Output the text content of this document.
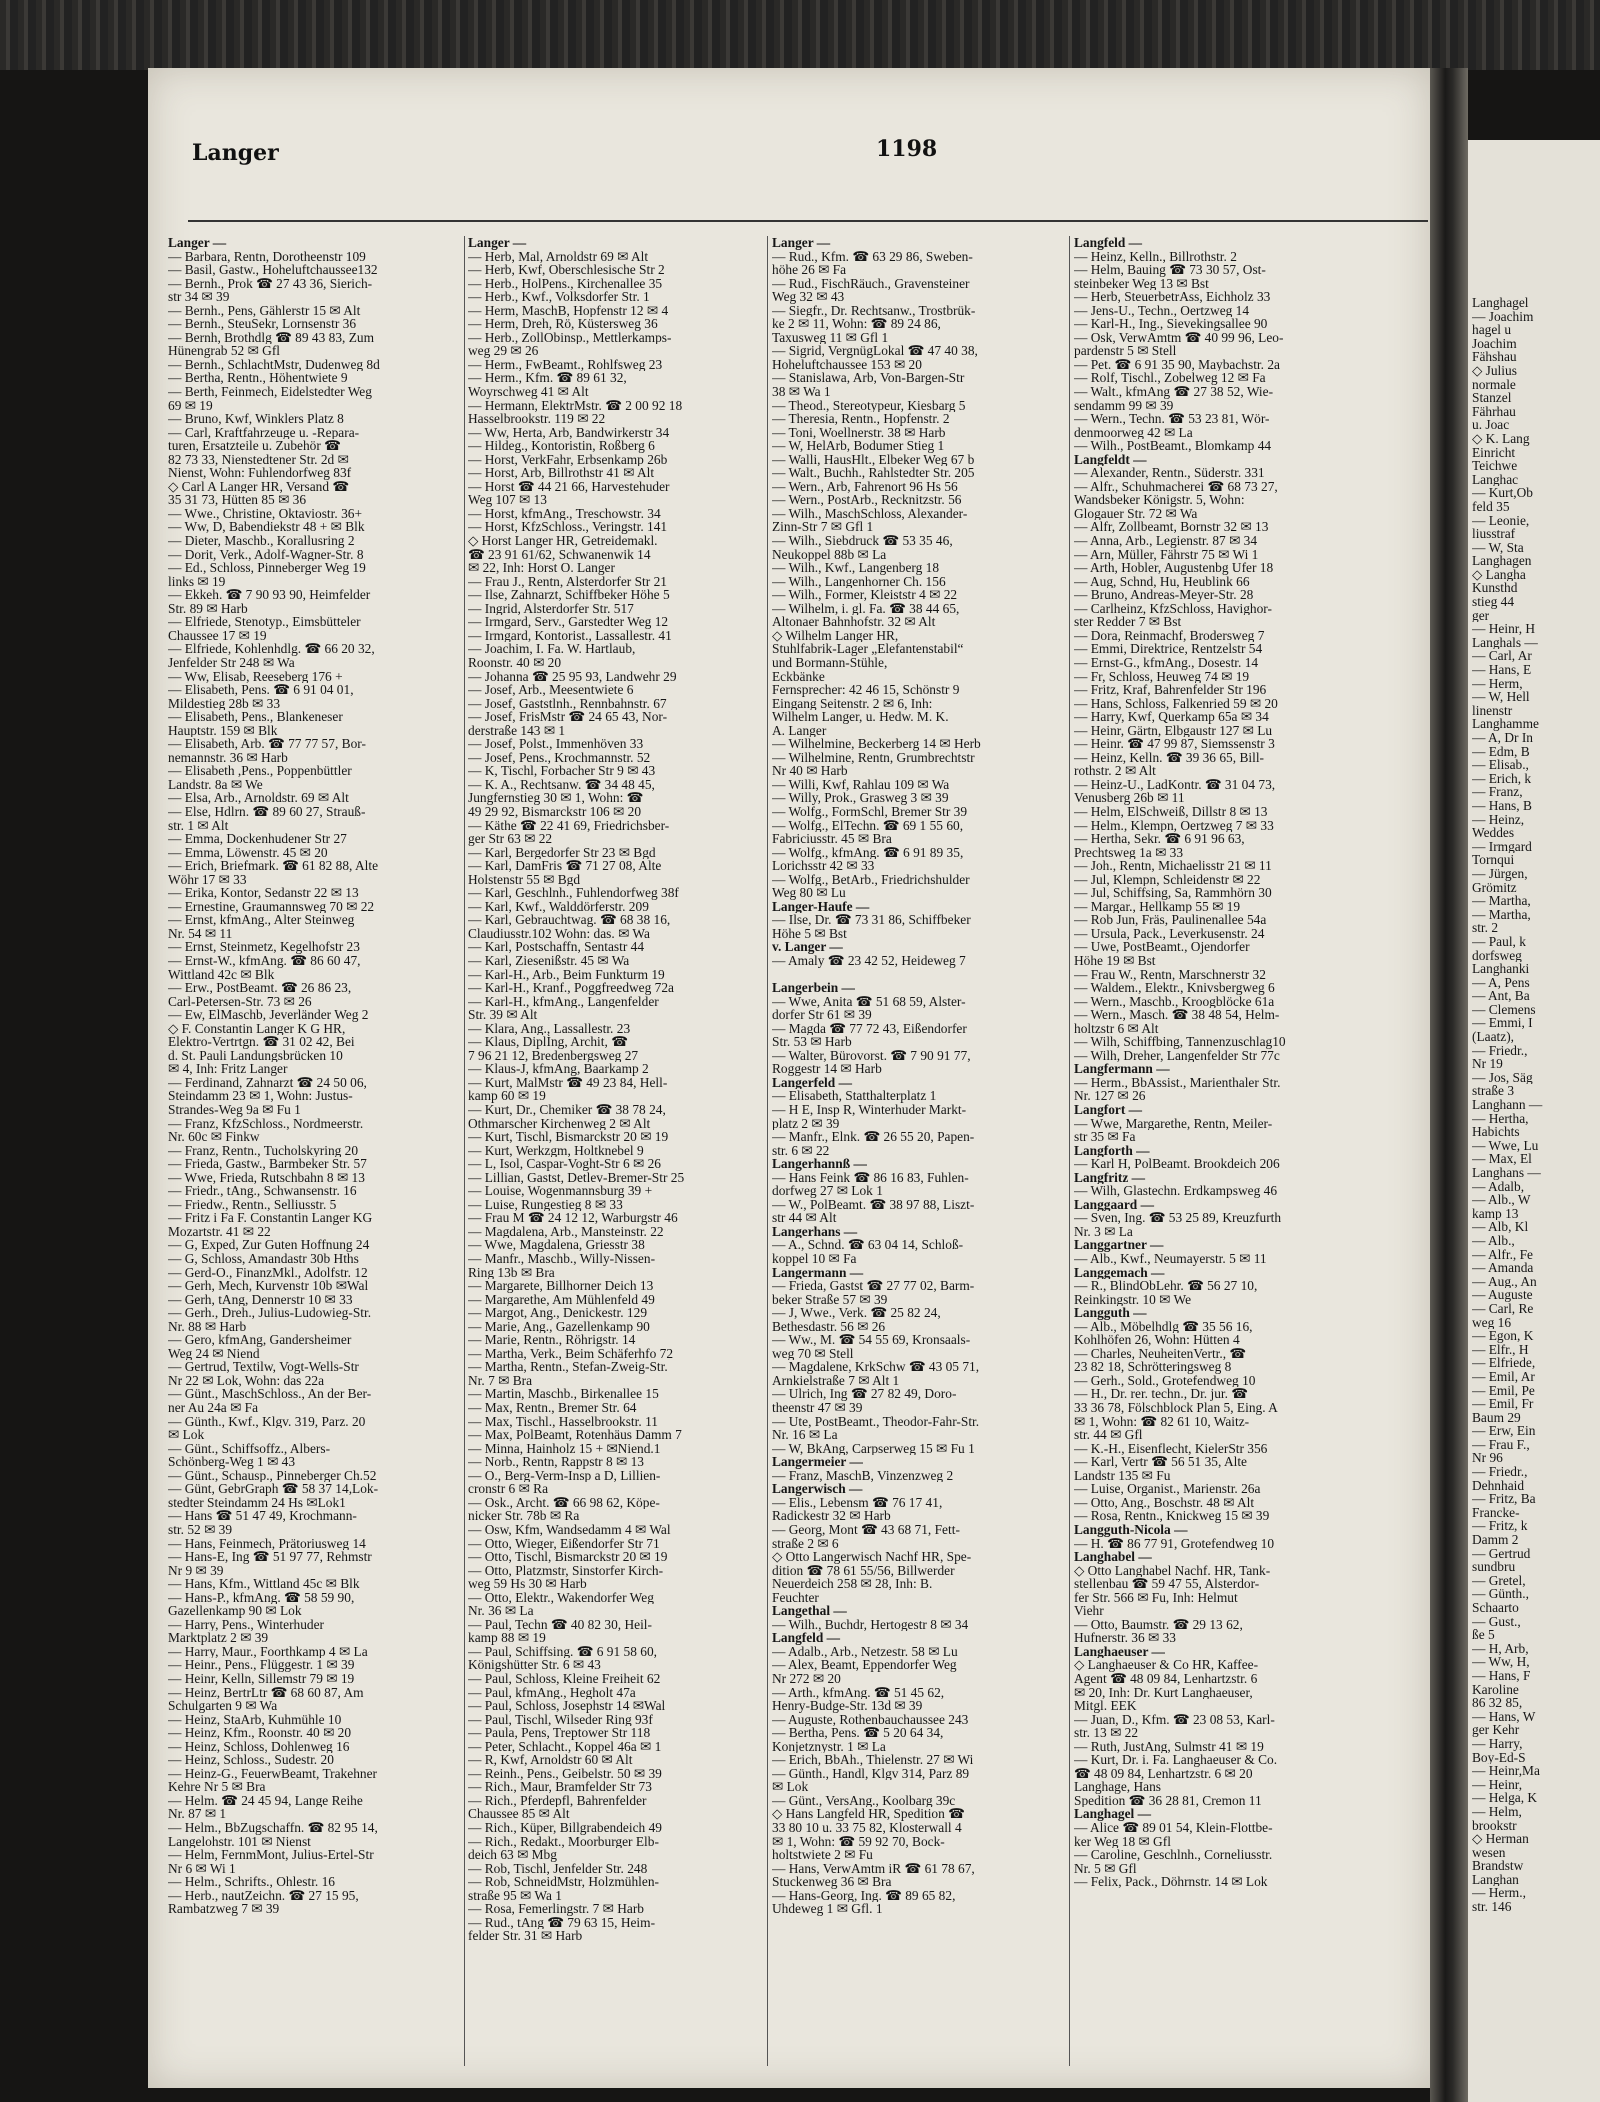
Langer	1198
Langer —
— Barbara, Rentn, Dorotheenstr 109
— Basil, Gastw., Hoheluftchaussee132
— Bernh., Prok ☎ 27 43 36, Sierich-
str 34 ✉ 39
— Bernh., Pens, Gählerstr 15 ✉ Alt
— Bernh., SteuSekr, Lornsenstr 36
— Bernh, Brothdlg ☎ 89 43 83, Zum
Hünengrab 52 ✉ Gfl
— Bernh., SchlachtMstr, Dudenweg 8d
— Bertha, Rentn., Höhentwiete 9
— Berth, Feinmech, Eidelstedter Weg
69 ✉ 19
— Bruno, Kwf, Winklers Platz 8
— Carl, Kraftfahrzeuge u. -Repara-
turen, Ersatzteile u. Zubehör ☎
82 73 33, Nienstedtener Str. 2d ✉
Nienst, Wohn: Fuhlendorfweg 83f
◇ Carl A Langer HR, Versand ☎
35 31 73, Hütten 85 ✉ 36
— Wwe., Christine, Oktaviostr. 36+
— Ww, D, Babendiekstr 48 + ✉ Blk
— Dieter, Maschb., Korallusring 2
— Dorit, Verk., Adolf-Wagner-Str. 8
— Ed., Schloss, Pinneberger Weg 19
links ✉ 19
— Ekkeh. ☎ 7 90 93 90, Heimfelder
Str. 89 ✉ Harb
— Elfriede, Stenotyp., Eimsbütteler
Chaussee 17 ✉ 19
— Elfriede, Kohlenhdlg. ☎ 66 20 32,
Jenfelder Str 248 ✉ Wa
— Ww, Elisab, Reeseberg 176 +
— Elisabeth, Pens. ☎ 6 91 04 01,
Mildestieg 28b ✉ 33
— Elisabeth, Pens., Blankeneser
Hauptstr. 159 ✉ Blk
— Elisabeth, Arb. ☎ 77 77 57, Bor-
nemannstr. 36 ✉ Harb
— Elisabeth ,Pens., Poppenbüttler
Landstr. 8a ✉ We
— Elsa, Arb., Arnoldstr. 69 ✉ Alt
— Else, Hdlrn. ☎ 89 60 27, Strauß-
str. 1 ✉ Alt
— Emma, Dockenhudener Str 27
— Emma, Löwenstr. 45 ✉ 20
— Erich, Briefmark. ☎ 61 82 88, Alte
Wöhr 17 ✉ 33
— Erika, Kontor, Sedanstr 22 ✉ 13
— Ernestine, Graumannsweg 70 ✉ 22
— Ernst, kfmAng., Alter Steinweg
Nr. 54 ✉ 11
— Ernst, Steinmetz, Kegelhofstr 23
— Ernst-W., kfmAng. ☎ 86 60 47,
Wittland 42c ✉ Blk
— Erw., PostBeamt. ☎ 26 86 23,
Carl-Petersen-Str. 73 ✉ 26
— Ew, ElMaschb, Jeverländer Weg 2
◇ F. Constantin Langer K G HR,
Elektro-Vertrtgn. ☎ 31 02 42, Bei
d. St. Pauli Landungsbrücken 10
✉ 4, Inh: Fritz Langer
— Ferdinand, Zahnarzt ☎ 24 50 06,
Steindamm 23 ✉ 1, Wohn: Justus-
Strandes-Weg 9a ✉ Fu 1
— Franz, KfzSchloss., Nordmeerstr.
Nr. 60c ✉ Finkw
— Franz, Rentn., Tucholskyring 20
— Frieda, Gastw., Barmbeker Str. 57
— Wwe, Frieda, Rutschbahn 8 ✉ 13
— Friedr., tAng., Schwansenstr. 16
— Friedw., Rentn., Selliusstr. 5
— Fritz i Fa F. Constantin Langer KG
Mozartstr. 41 ✉ 22
— G, Exped, Zur Guten Hoffnung 24
— G, Schloss, Amandastr 30b Hths
— Gerd-O., FinanzMkl., Adolfstr. 12
— Gerh, Mech, Kurvenstr 10b ✉Wal
— Gerh, tAng, Dennerstr 10 ✉ 33
— Gerh., Dreh., Julius-Ludowieg-Str.
Nr. 88 ✉ Harb
— Gero, kfmAng, Gandersheimer
Weg 24 ✉ Niend
— Gertrud, Textilw, Vogt-Wells-Str
Nr 22 ✉ Lok, Wohn: das 22a
— Günt., MaschSchloss., An der Ber-
ner Au 24a ✉ Fa
— Günth., Kwf., Klgv. 319, Parz. 20
✉ Lok
— Günt., Schiffsoffz., Albers-
Schönberg-Weg 1 ✉ 43
— Günt., Schausp., Pinneberger Ch.52
— Günt, GebrGraph ☎ 58 37 14,Lok-
stedter Steindamm 24 Hs ✉Lok1
— Hans ☎ 51 47 49, Krochmann-
str. 52 ✉ 39
— Hans, Feinmech, Prätoriusweg 14
— Hans-E, Ing ☎ 51 97 77, Rehmstr
Nr 9 ✉ 39
— Hans, Kfm., Wittland 45c ✉ Blk
— Hans-P., kfmAng. ☎ 58 59 90,
Gazellenkamp 90 ✉ Lok
— Harry, Pens., Winterhuder
Marktplatz 2 ✉ 39
— Harry, Maur., Foorthkamp 4 ✉ La
— Heinr., Pens., Flüggestr. 1 ✉ 39
— Heinr, Kelln, Sillemstr 79 ✉ 19
— Heinz, BertrLtr ☎ 68 60 87, Am
Schulgarten 9 ✉ Wa
— Heinz, StaArb, Kuhmühle 10
— Heinz, Kfm., Roonstr. 40 ✉ 20
— Heinz, Schloss, Dohlenweg 16
— Heinz, Schloss., Sudestr. 20
— Heinz-G., FeuerwBeamt, Trakehner
Kehre Nr 5 ✉ Bra
— Helm. ☎ 24 45 94, Lange Reihe
Nr. 87 ✉ 1
— Helm., BbZugschaffn. ☎ 82 95 14,
Langelohstr. 101 ✉ Nienst
— Helm, FernmMont, Julius-Ertel-Str
Nr 6 ✉ Wi 1
— Helm., Schrifts., Ohlestr. 16
— Herb., nautZeichn. ☎ 27 15 95,
Rambatzweg 7 ✉ 39
Langer —
— Herb, Mal, Arnoldstr 69 ✉ Alt
— Herb, Kwf, Oberschlesische Str 2
— Herb., HolPens., Kirchenallee 35
— Herb., Kwf., Volksdorfer Str. 1
— Herm, MaschB, Hopfenstr 12 ✉ 4
— Herm, Dreh, Rö, Küstersweg 36
— Herb., ZollObinsp., Mettlerkamps-
weg 29 ✉ 26
— Herm., FwBeamt., Rohlfsweg 23
— Herm., Kfm. ☎ 89 61 32,
Woyrschweg 41 ✉ Alt
— Hermann, ElektrMstr. ☎ 2 00 92 18
Hasselbrookstr. 119 ✉ 22
— Ww, Herta, Arb, Bandwirkerstr 34
— Hildeg., Kontoristin, Roßberg 6
— Horst, VerkFahr, Erbsenkamp 26b
— Horst, Arb, Billrothstr 41 ✉ Alt
— Horst ☎ 44 21 66, Harvestehuder
Weg 107 ✉ 13
— Horst, kfmAng., Treschowstr. 34
— Horst, KfzSchloss., Veringstr. 141
◇ Horst Langer HR, Getreidemakl.
☎ 23 91 61/62, Schwanenwik 14
✉ 22, Inh: Horst O. Langer
— Frau J., Rentn, Alsterdorfer Str 21
— Ilse, Zahnarzt, Schiffbeker Höhe 5
— Ingrid, Alsterdorfer Str. 517
— Irmgard, Serv., Garstedter Weg 12
— Irmgard, Kontorist., Lassallestr. 41
— Joachim, I. Fa. W. Hartlaub,
Roonstr. 40 ✉ 20
— Johanna ☎ 25 95 93, Landwehr 29
— Josef, Arb., Meesentwiete 6
— Josef, Gaststlnh., Rennbahnstr. 67
— Josef, FrisMstr ☎ 24 65 43, Nor-
derstraße 143 ✉ 1
— Josef, Polst., Immenhöven 33
— Josef, Pens., Krochmannstr. 52
— K, Tischl, Forbacher Str 9 ✉ 43
— K. A., Rechtsanw. ☎ 34 48 45,
Jungfernstieg 30 ✉ 1, Wohn: ☎
49 29 92, Bismarckstr 106 ✉ 20
— Käthe ☎ 22 41 69, Friedrichsber-
ger Str 63 ✉ 22
— Karl, Bergedorfer Str 23 ✉ Bgd
— Karl, DamFris ☎ 71 27 08, Alte
Holstenstr 55 ✉ Bgd
— Karl, Geschlnh., Fuhlendorfweg 38f
— Karl, Kwf., Walddörferstr. 209
— Karl, Gebrauchtwag. ☎ 68 38 16,
Claudiusstr.102 Wohn: das. ✉ Wa
— Karl, Postschaffn, Sentastr 44
— Karl, Ziesenißstr. 45 ✉ Wa
— Karl-H., Arb., Beim Funkturm 19
— Karl-H., Kranf., Poggfreedweg 72a
— Karl-H., kfmAng., Langenfelder
Str. 39 ✉ Alt
— Klara, Ang., Lassallestr. 23
— Klaus, Diplİng, Archit, ☎
7 96 21 12, Bredenbergsweg 27
— Klaus-J, kfmAng, Baarkamp 2
— Kurt, MalMstr ☎ 49 23 84, Hell-
kamp 60 ✉ 19
— Kurt, Dr., Chemiker ☎ 38 78 24,
Othmarscher Kirchenweg 2 ✉ Alt
— Kurt, Tischl, Bismarckstr 20 ✉ 19
— Kurt, Werkzgm, Holtknebel 9
— L, Isol, Caspar-Voght-Str 6 ✉ 26
— Lillian, Gastst, Detlev-Bremer-Str 25
— Louise, Wogenmannsburg 39 +
— Luise, Rungestieg 8 ✉ 33
— Frau M ☎ 24 12 12, Warburgstr 46
— Magdalena, Arb., Mansteinstr. 22
— Wwe, Magdalena, Griesstr 38
— Manfr., Maschb., Willy-Nissen-
Ring 13b ✉ Bra
— Margarete, Billhorner Deich 13
— Margarethe, Am Mühlenfeld 49
— Margot, Ang., Denickestr. 129
— Marie, Ang., Gazellenkamp 90
— Marie, Rentn., Röhrigstr. 14
— Martha, Verk., Beim Schäferhfo 72
— Martha, Rentn., Stefan-Zweig-Str.
Nr. 7 ✉ Bra
— Martin, Maschb., Birkenallee 15
— Max, Rentn., Bremer Str. 64
— Max, Tischl., Hasselbrookstr. 11
— Max, PolBeamt, Rotenhäus Damm 7
— Minna, Hainholz 15 + ✉Niend.1
— Norb., Rentn, Rappstr 8 ✉ 13
— O., Berg-Verm-Insp a D, Lillien-
cronstr 6 ✉ Ra
— Osk., Archt. ☎ 66 98 62, Köpe-
nicker Str. 78b ✉ Ra
— Osw, Kfm, Wandsedamm 4 ✉ Wal
— Otto, Wieger, Eißendorfer Str 71
— Otto, Tischl, Bismarckstr 20 ✉ 19
— Otto, Platzmstr, Sinstorfer Kirch-
weg 59 Hs 30 ✉ Harb
— Otto, Elektr., Wakendorfer Weg
Nr. 36 ✉ La
— Paul, Techn ☎ 40 82 30, Heil-
kamp 88 ✉ 19
— Paul, Schiffsing. ☎ 6 91 58 60,
Königshütter Str. 6 ✉ 43
— Paul, Schloss, Kleine Freiheit 62
— Paul, kfmAng., Hegholt 47a
— Paul, Schloss, Josephstr 14 ✉Wal
— Paul, Tischl, Wilseder Ring 93f
— Paula, Pens, Treptower Str 118
— Peter, Schlacht., Koppel 46a ✉ 1
— R, Kwf, Arnoldstr 60 ✉ Alt
— Reinh., Pens., Geibelstr. 50 ✉ 39
— Rich., Maur, Bramfelder Str 73
— Rich., Pferdepfl, Bahrenfelder
Chaussee 85 ✉ Alt
— Rich., Küper, Billgrabendeich 49
— Rich., Redakt., Moorburger Elb-
deich 63 ✉ Mbg
— Rob, Tischl, Jenfelder Str. 248
— Rob, SchneidMstr, Holzmühlen-
straße 95 ✉ Wa 1
— Rosa, Femerlingstr. 7 ✉ Harb
— Rud., tAng ☎ 79 63 15, Heim-
felder Str. 31 ✉ Harb
Langer —
— Rud., Kfm. ☎ 63 29 86, Sweben-
höhe 26 ✉ Fa
— Rud., FischRäuch., Gravensteiner
Weg 32 ✉ 43
— Siegfr., Dr. Rechtsanw., Trostbrük-
ke 2 ✉ 11, Wohn: ☎ 89 24 86,
Taxusweg 11 ✉ Gfl 1
— Sigrid, VergnügLokal ☎ 47 40 38,
Hoheluftchaussee 153 ✉ 20
— Stanislawa, Arb, Von-Bargen-Str
38 ✉ Wa 1
— Theod., Stereotypeur, Kiesbarg 5
— Theresia, Rentn., Hopfenstr. 2
— Toni, Woellnerstr. 38 ✉ Harb
— W, HelArb, Bodumer Stieg 1
— Walli, HausHlt., Elbeker Weg 67 b
— Walt., Buchh., Rahlstedter Str. 205
— Wern., Arb, Fahrenort 96 Hs 56
— Wern., PostArb., Recknitzstr. 56
— Wilh., MaschSchloss, Alexander-
Zinn-Str 7 ✉ Gfl 1
— Wilh., Siebdruck ☎ 53 35 46,
Neukoppel 88b ✉ La
— Wilh., Kwf., Langenberg 18
— Wilh., Langenhorner Ch. 156
— Wilh., Former, Kleiststr 4 ✉ 22
— Wilhelm, i. gl. Fa. ☎ 38 44 65,
Altonaer Bahnhofstr. 32 ✉ Alt
◇ Wilhelm Langer HR,
Stuhlfabrik-Lager „Elefantenstabil“
und Bormann-Stühle,
Eckbänke
Fernsprecher: 42 46 15, Schönstr 9
Eingang Seitenstr. 2 ✉ 6, Inh:
Wilhelm Langer, u. Hedw. M. K.
A. Langer
— Wilhelmine, Beckerberg 14 ✉ Herb
— Wilhelmine, Rentn, Grumbrechtstr
Nr 40 ✉ Harb
— Willi, Kwf, Rahlau 109 ✉ Wa
— Willy, Prok., Grasweg 3 ✉ 39
— Wolfg., FormSchl, Bremer Str 39
— Wolfg., ElTechn. ☎ 69 1 55 60,
Fabriciusstr. 45 ✉ Bra
— Wolfg., kfmAng. ☎ 6 91 89 35,
Lorichsstr 42 ✉ 33
— Wolfg., BetArb., Friedrichshulder
Weg 80 ✉ Lu
Langer-Haufe —
— Ilse, Dr. ☎ 73 31 86, Schiffbeker
Höhe 5 ✉ Bst
v. Langer —
— Amaly ☎ 23 42 52, Heideweg 7
Langerbein —
— Wwe, Anita ☎ 51 68 59, Alster-
dorfer Str 61 ✉ 39
— Magda ☎ 77 72 43, Eißendorfer
Str. 53 ✉ Harb
— Walter, Bürovorst. ☎ 7 90 91 77,
Roggestr 14 ✉ Harb
Langerfeld —
— Elisabeth, Statthalterplatz 1
— H E, Insp R, Winterhuder Markt-
platz 2 ✉ 39
— Manfr., Elnk. ☎ 26 55 20, Papen-
str. 6 ✉ 22
Langerhannß —
— Hans Feink ☎ 86 16 83, Fuhlen-
dorfweg 27 ✉ Lok 1
— W., PolBeamt. ☎ 38 97 88, Liszt-
str 44 ✉ Alt
Langerhans —
— A., Schnd. ☎ 63 04 14, Schloß-
koppel 10 ✉ Fa
Langermann —
— Frieda, Gastst ☎ 27 77 02, Barm-
beker Straße 57 ✉ 39
— J, Wwe., Verk. ☎ 25 82 24,
Bethesdastr. 56 ✉ 26
— Ww., M. ☎ 54 55 69, Kronsaals-
weg 70 ✉ Stell
— Magdalene, KrkSchw ☎ 43 05 71,
Arnkielstraße 7 ✉ Alt 1
— Ulrich, Ing ☎ 27 82 49, Doro-
theenstr 47 ✉ 39
— Ute, PostBeamt., Theodor-Fahr-Str.
Nr. 16 ✉ La
— W, BkAng, Carpserweg 15 ✉ Fu 1
Langermeier —
— Franz, MaschB, Vinzenzweg 2
Langerwisch —
— Elis., Lebensm ☎ 76 17 41,
Radickestr 32 ✉ Harb
— Georg, Mont ☎ 43 68 71, Fett-
straße 2 ✉ 6
◇ Otto Langerwisch Nachf HR, Spe-
dition ☎ 78 61 55/56, Billwerder
Neuerdeich 258 ✉ 28, Inh: B.
Feuchter
Langethal —
— Wilh., Buchdr, Hertogestr 8 ✉ 34
Langfeld —
— Adalb., Arb., Netzestr. 58 ✉ Lu
— Alex, Beamt, Eppendorfer Weg
Nr 272 ✉ 20
— Arth., kfmAng. ☎ 51 45 62,
Henry-Budge-Str. 13d ✉ 39
— Auguste, Rothenbauchaussee 243
— Bertha, Pens. ☎ 5 20 64 34,
Konjetznystr. 1 ✉ La
— Erich, BbAh., Thielenstr. 27 ✉ Wi
— Günth., Handl, Klgv 314, Parz 89
✉ Lok
— Günt., VersAng., Koolbarg 39c
◇ Hans Langfeld HR, Spedition ☎
33 80 10 u. 33 75 82, Klosterwall 4
✉ 1, Wohn: ☎ 59 92 70, Bock-
holtstwiete 2 ✉ Fu
— Hans, VerwAmtm iR ☎ 61 78 67,
Stuckenweg 36 ✉ Bra
— Hans-Georg, Ing. ☎ 89 65 82,
Uhdeweg 1 ✉ Gfl. 1
Langfeld —
— Heinz, Kelln., Billrothstr. 2
— Helm, Bauing ☎ 73 30 57, Ost-
steinbeker Weg 13 ✉ Bst
— Herb, SteuerbetrAss, Eichholz 33
— Jens-U., Techn., Oertzweg 14
— Karl-H., Ing., Sievekingsallee 90
— Osk, VerwAmtm ☎ 40 99 96, Leo-
pardenstr 5 ✉ Stell
— Pet. ☎ 6 91 35 90, Maybachstr. 2a
— Rolf, Tischl., Zobelweg 12 ✉ Fa
— Walt., kfmAng ☎ 27 38 52, Wie-
sendamm 99 ✉ 39
— Wern., Techn. ☎ 53 23 81, Wör-
denmoorweg 42 ✉ La
— Wilh., PostBeamt., Blomkamp 44
Langfeldt —
— Alexander, Rentn., Süderstr. 331
— Alfr., Schuhmacherei ☎ 68 73 27,
Wandsbeker Königstr. 5, Wohn:
Glogauer Str. 72 ✉ Wa
— Alfr, Zollbeamt, Bornstr 32 ✉ 13
— Anna, Arb., Legienstr. 87 ✉ 34
— Arn, Müller, Fährstr 75 ✉ Wi 1
— Arth, Hobler, Augustenbg Ufer 18
— Aug, Schnd, Hu, Heublink 66
— Bruno, Andreas-Meyer-Str. 28
— Carlheinz, KfzSchloss, Havighor-
ster Redder 7 ✉ Bst
— Dora, Reinmachf, Brodersweg 7
— Emmi, Direktrice, Rentzelstr 54
— Ernst-G., kfmAng., Dosestr. 14
— Fr, Schloss, Heuweg 74 ✉ 19
— Fritz, Kraf, Bahrenfelder Str 196
— Hans, Schloss, Falkenried 59 ✉ 20
— Harry, Kwf, Querkamp 65a ✉ 34
— Heinr, Gärtn, Elbgaustr 127 ✉ Lu
— Heinr. ☎ 47 99 87, Siemssenstr 3
— Heinz, Kelln. ☎ 39 36 65, Bill-
rothstr. 2 ✉ Alt
— Heinz-U., LadKontr. ☎ 31 04 73,
Venusberg 26b ✉ 11
— Helm, ElSchweiß, Dillstr 8 ✉ 13
— Helm., Klempn, Oertzweg 7 ✉ 33
— Hertha, Sekr. ☎ 6 91 96 63,
Prechtsweg 1a ✉ 33
— Joh., Rentn, Michaelisstr 21 ✉ 11
— Jul, Klempn, Schleidenstr ✉ 22
— Jul, Schiffsing, Sa, Rammhörn 30
— Margar., Hellkamp 55 ✉ 19
— Rob Jun, Fräs, Paulinenallee 54a
— Ursula, Pack., Leverkusenstr. 24
— Uwe, PostBeamt., Ojendorfer
Höhe 19 ✉ Bst
— Frau W., Rentn, Marschnerstr 32
— Waldem., Elektr., Knivsbergweg 6
— Wern., Maschb., Kroogblöcke 61a
— Wern., Masch. ☎ 38 48 54, Helm-
holtzstr 6 ✉ Alt
— Wilh, Schiffbing, Tannenzuschlag10
— Wilh, Dreher, Langenfelder Str 77c
Langfermann —
— Herm., BbAssist., Marienthaler Str.
Nr. 127 ✉ 26
Langfort —
— Wwe, Margarethe, Rentn, Meiler-
str 35 ✉ Fa
Langforth —
— Karl H, PolBeamt. Brookdeich 206
Langfritz —
— Wilh, Glastechn. Erdkampsweg 46
Langgaard —
— Sven, Ing. ☎ 53 25 89, Kreuzfurth
Nr. 3 ✉ La
Langgartner —
— Alb., Kwf., Neumayerstr. 5 ✉ 11
Langgemach —
— R., BlindObLehr. ☎ 56 27 10,
Reinkingstr. 10 ✉ We
Langguth —
— Alb., Möbelhdlg ☎ 35 56 16,
Kohlhöfen 26, Wohn: Hütten 4
— Charles, NeuheitenVertr., ☎
23 82 18, Schrötteringsweg 8
— Gerh., Sold., Grotefendweg 10
— H., Dr. rer. techn., Dr. jur. ☎
33 36 78, Fölschblock Plan 5, Eing. A
✉ 1, Wohn: ☎ 82 61 10, Waitz-
str. 44 ✉ Gfl
— K.-H., Eisenflecht, KielerStr 356
— Karl, Vertr ☎ 56 51 35, Alte
Landstr 135 ✉ Fu
— Luise, Organist., Marienstr. 26a
— Otto, Ang., Boschstr. 48 ✉ Alt
— Rosa, Rentn., Knickweg 15 ✉ 39
Langguth-Nicola —
— H. ☎ 86 77 91, Grotefendweg 10
Langhabel —
◇ Otto Langhabel Nachf. HR, Tank-
stellenbau ☎ 59 47 55, Alsterdor-
fer Str. 566 ✉ Fu, Inh: Helmut
Viehr
— Otto, Baumstr. ☎ 29 13 62,
Hufnerstr. 36 ✉ 33
Langhaeuser —
◇ Langhaeuser & Co HR, Kaffee-
Agent ☎ 48 09 84, Lenhartzstr. 6
✉ 20, Inh: Dr. Kurt Langhaeuser,
Mitgl. EEK
— Juan, D., Kfm. ☎ 23 08 53, Karl-
str. 13 ✉ 22
— Ruth, JustAng, Sulmstr 41 ✉ 19
— Kurt, Dr. i. Fa. Langhaeuser & Co.
☎ 48 09 84, Lenhartzstr. 6 ✉ 20
Langhage, Hans
Spedition ☎ 36 28 81, Cremon 11
Langhagel —
— Alice ☎ 89 01 54, Klein-Flottbe-
ker Weg 18 ✉ Gfl
— Caroline, Geschlnh., Corneliusstr.
Nr. 5 ✉ Gfl
— Felix, Pack., Döhrnstr. 14 ✉ Lok
Langhagel
— Joachim
hagel u
Joachim
Fähshau
◇ Julius
normale
Stanzel
Fährhau
u. Joac
◇ K. Lang
Einricht
Teichwe
Langhac
— Kurt,Ob
feld 35
— Leonie,
liusstraf
— W, Sta
Langhagen
◇ Langha
Kunsthd
stieg 44
ger
— Heinr, H
Langhals —
— Carl, Ar
— Hans, E
— Herm,
— W, Hell
linenstr
Langhamme
— A, Dr In
— Edm, B
— Elisab.,
— Erich, k
— Franz,
— Hans, B
— Heinz,
Weddes
— Irmgard
Tornqui
— Jürgen,
Grömitz
— Martha,
— Martha,
str. 2
— Paul, k
dorfsweg
Langhanki
— A, Pens
— Ant, Ba
— Clemens
— Emmi, I
(Laatz),
— Friedr.,
Nr 19
— Jos, Säg
straße 3
Langhann —
— Hertha,
Habichts
— Wwe, Lu
— Max, El
Langhans —
— Adalb,
— Alb., W
kamp 13
— Alb, Kl
— Alb.,
— Alfr., Fe
— Amanda
— Aug., An
— Auguste
— Carl, Re
weg 16
— Egon, K
— Elfr., H
— Elfriede,
— Emil, Ar
— Emil, Pe
— Emil, Fr
Baum 29
— Erw, Ein
— Frau F.,
Nr 96
— Friedr.,
Dehnhaid
— Fritz, Ba
Francke-
— Fritz, k
Damm 2
— Gertrud
sundbru
— Gretel,
— Günth.,
Schaarto
— Gust.,
ße 5
— H, Arb,
— Ww, H,
— Hans, F
Karoline
86 32 85,
— Hans, W
ger Kehr
— Harry,
Boy-Ed-S
— Heinr,Ma
— Heinr,
— Helga, K
— Helm,
brookstr
◇ Herman
wesen
Brandstw
Langhan
— Herm.,
str. 146
